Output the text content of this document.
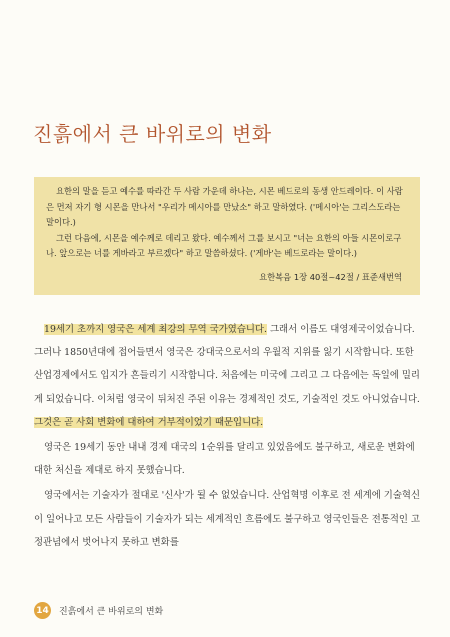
진흙에서 큰 바위로의 변화

요한의 말을 듣고 예수를 따라간 두 사람 가운데 하나는, 시몬 베드로의 동생 안드레이다. 이 사람은 먼저 자기 형 시몬을 만나서 "우리가 메시아를 만났소" 하고 말하였다. ('메시아'는 그리스도라는 말이다.)

그런 다음에, 시몬을 예수께로 데리고 왔다. 예수께서 그를 보시고 "너는 요한의 아들 시몬이로구나. 앞으로는 너를 게바라고 부르겠다" 하고 말씀하셨다. ('게바'는 베드로라는 말이다.)

요한복음 1장 40절~42절 / 표준새번역

19세기 초까지 영국은 세계 최강의 무역 국가였습니다. 그래서 이름도 대영제국이었습니다. 그러나 1850년대에 접어들면서 영국은 강대국으로서의 우월적 지위를 잃기 시작합니다. 또한 산업경제에서도 입지가 흔들리기 시작합니다. 처음에는 미국에 그리고 그 다음에는 독일에 밀리게 되었습니다. 이처럼 영국이 뒤처진 주된 이유는 경제적인 것도, 기술적인 것도 아니었습니다. 그것은 곧 사회 변화에 대하여 거부적이었기 때문입니다.

영국은 19세기 동안 내내 경제 대국의 1순위를 달리고 있었음에도 불구하고, 새로운 변화에 대한 처신을 제대로 하지 못했습니다.

영국에서는 기술자가 절대로 '신사'가 될 수 없었습니다. 산업혁명 이후로 전 세계에 기술혁신이 일어나고 모든 사람들이 기술자가 되는 세계적인 흐름에도 불구하고 영국인들은 전통적인 고정관념에서 벗어나지 못하고 변화를

14 진흙에서 큰 바위로의 변화
